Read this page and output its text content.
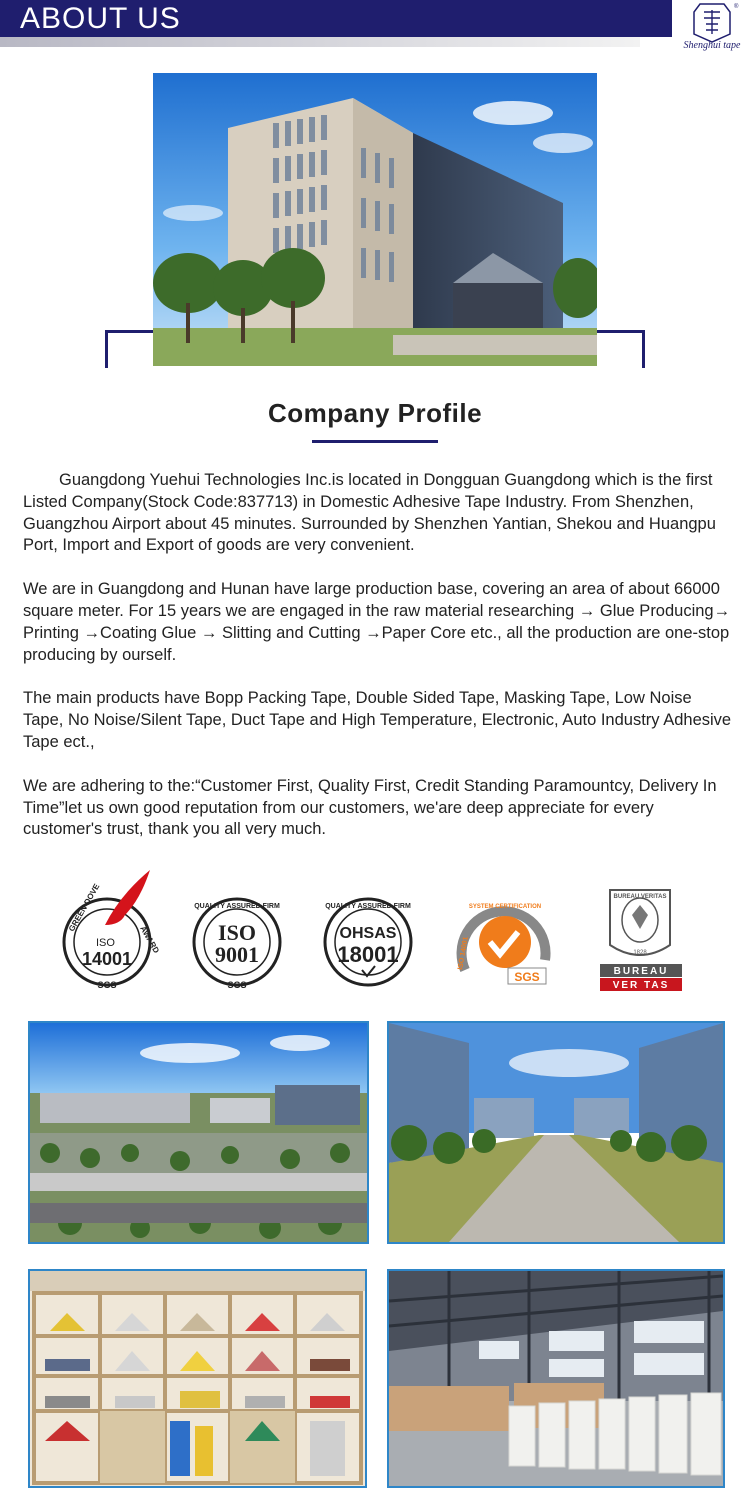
ABOUT US	®
Shenghui tape
Company Profile

Guangdong Yuehui Technologies Inc.is located in Dongguan Guangdong which is the first Listed Company(Stock Code:837713) in Domestic Adhesive Tape Industry. From Shenzhen, Guangzhou Airport about 45 minutes. Surrounded by Shenzhen Yantian, Shekou and Huangpu Port, Import and Export of goods are very convenient.

We are in Guangdong and Hunan have large production base, covering an area of about 66000 square meter. For 15 years we are engaged in the raw material researching → Glue Producing→ Printing →Coating Glue → Slitting and Cutting →Paper Core etc., all the production are one-stop producing by ourself.

The main products have Bopp Packing Tape, Double Sided Tape, Masking Tape, Low Noise Tape, No Noise/Silent Tape, Duct Tape and High Temperature, Electronic, Auto Industry Adhesive Tape ect.,

We are adhering to the:“Customer First, Quality First, Credit Standing Paramountcy, Delivery In Time”let us own good reputation from our customers, we'are deep appreciate for every customer's trust, thank you all very much.

GREEN DOVE
AWARD
ISO
14001
SGS
QUALITY ASSURED FIRM
ISO
9001
SGS
QUALITY ASSURED FIRM
OHSAS
18001
SYSTEM CERTIFICATION
ISO 14001
SGS
BUREAU VERITAS
1828
BUREAU
VER TAS
